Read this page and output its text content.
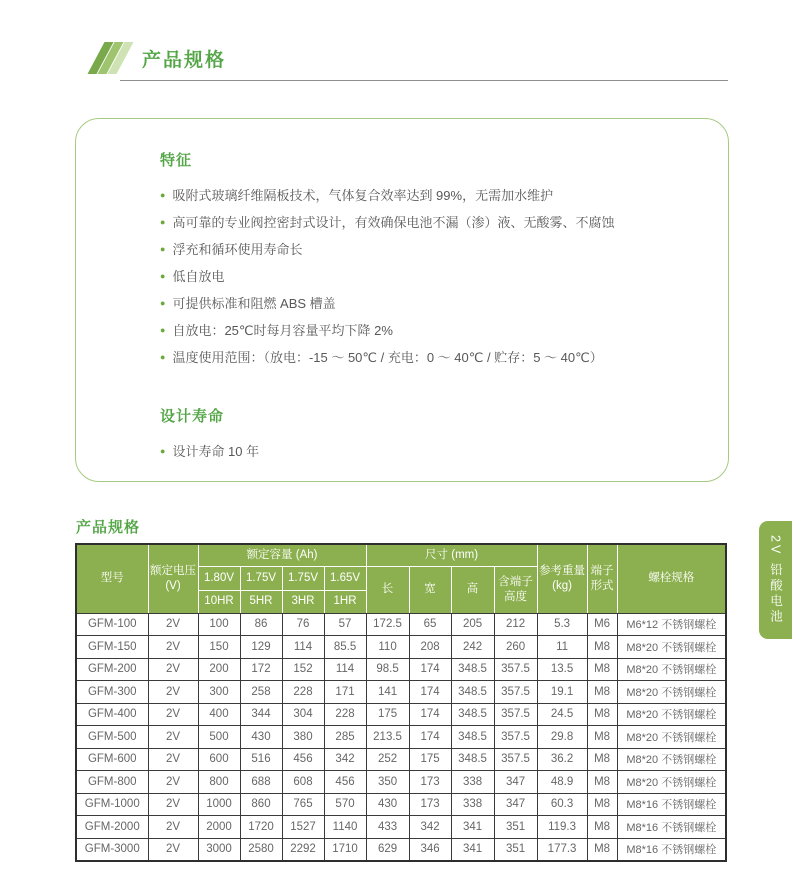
产品规格
特征
● 吸附式玻璃纤维隔板技术，气体复合效率达到 99%，无需加水维护
● 高可靠的专业阀控密封式设计，有效确保电池不漏（渗）液、无酸雾、不腐蚀
● 浮充和循环使用寿命长
● 低自放电
● 可提供标准和阻燃 ABS 槽盖
● 自放电：25℃时每月容量平均下降 2%
● 温度使用范围：（放电：-15 ～ 50℃ / 充电：0 ～ 40℃ / 贮存：5 ～ 40℃）
设计寿命
● 设计寿命 10 年
产品规格
型号	额定电压 (V)	额定容量 (Ah)				尺寸 (mm)				参考重量 (kg)	端子形式	螺栓规格
		1.80V	1.75V	1.75V	1.65V	长	宽	高	含端子高度			
		10HR	5HR	3HR	1HR							
GFM-100	2V	100	86	76	57	172.5	65	205	212	5.3	M6	M6*12 不锈钢螺栓
GFM-150	2V	150	129	114	85.5	110	208	242	260	11	M8	M8*20 不锈钢螺栓
GFM-200	2V	200	172	152	114	98.5	174	348.5	357.5	13.5	M8	M8*20 不锈钢螺栓
GFM-300	2V	300	258	228	171	141	174	348.5	357.5	19.1	M8	M8*20 不锈钢螺栓
GFM-400	2V	400	344	304	228	175	174	348.5	357.5	24.5	M8	M8*20 不锈钢螺栓
GFM-500	2V	500	430	380	285	213.5	174	348.5	357.5	29.8	M8	M8*20 不锈钢螺栓
GFM-600	2V	600	516	456	342	252	175	348.5	357.5	36.2	M8	M8*20 不锈钢螺栓
GFM-800	2V	800	688	608	456	350	173	338	347	48.9	M8	M8*20 不锈钢螺栓
GFM-1000	2V	1000	860	765	570	430	173	338	347	60.3	M8	M8*16 不锈钢螺栓
GFM-2000	2V	2000	1720	1527	1140	433	342	341	351	119.3	M8	M8*16 不锈钢螺栓
GFM-3000	2V	3000	2580	2292	1710	629	346	341	351	177.3	M8	M8*16 不锈钢螺栓
2V 铅酸电池
